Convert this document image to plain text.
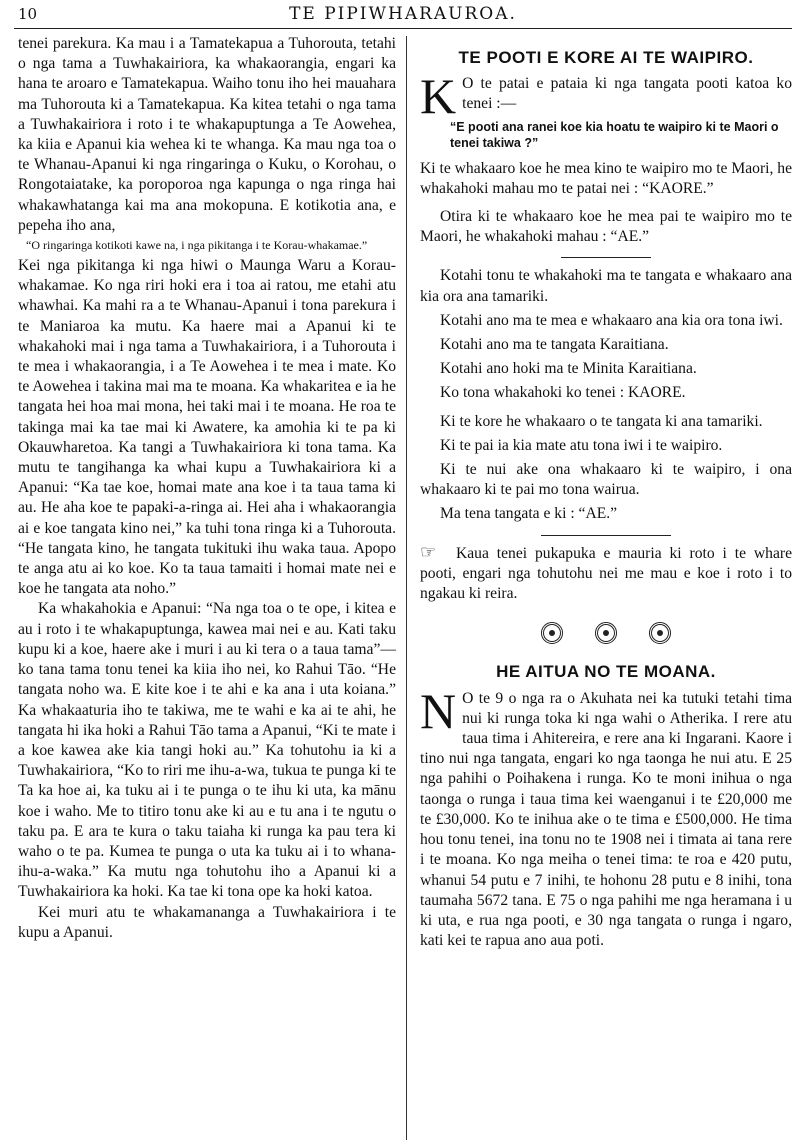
10	TE PIPIWHARAUROA.

tenei parekura. Ka mau i a Tamatekapua a Tuhorouta, tetahi o nga tama a Tuwhakairiora, ka whakaorangia, engari ka hana te aroaro e Tamatekapua. Waiho tonu iho hei mauahara ma Tuhorouta ki a Tamatekapua. Ka kitea tetahi o nga tama a Tuwhakairiora i roto i te whakapuptunga a Te Aowehea, ka kiia e Apanui kia wehea ki te whanga. Ka mau nga toa o te Whanau-Apanui ki nga ringaringa o Kuku, o Korohau, o Rongotaiatake, ka poroporoa nga kapunga o nga ringa hai whakawhatanga kai ma ana mokopuna. E kotikotia ana, e pepeha iho ana,

“O ringaringa kotikoti kawe na, i nga pikitanga i te Korau-whakamae.”

Kei nga pikitanga ki nga hiwi o Maunga Waru a Korau-whakamae. Ko nga riri hoki era i toa ai ratou, me etahi atu whawhai. Ka mahi ra a te Whanau-Apanui i tona parekura i te Maniaroa ka mutu. Ka haere mai a Apanui ki te whakahoki mai i nga tama a Tuwhakairiora, i a Tuhorouta i te mea i whakaorangia, i a Te Aowehea i te mea i mate. Ko te Aowehea i takina mai ma te moana. Ka whakaritea e ia he tangata hei hoa mai mona, hei taki mai i te moana. He roa te takinga mai ka tae mai ki Awatere, ka amohia ki te pa ki Okauwharetoa. Ka tangi a Tuwhakairiora ki tona tama. Ka mutu te tangihanga ka whai kupu a Tuwhakairiora ki a Apanui: “Ka tae koe, homai mate ana koe i ta taua tama ki au. He aha koe te papaki-a-ringa ai. Hei aha i whakaorangia ai e koe tangata kino nei,” ka tuhi tona ringa ki a Tuhorouta. “He tangata kino, he tangata tukituki ihu waka taua. Apopo te anga atu ai ko koe. Ko ta taua tamaiti i homai mate nei e koe he tangata ata noho.”

Ka whakahokia e Apanui: “Na nga toa o te ope, i kitea e au i roto i te whakapuptunga, kawea mai nei e au. Kati taku kupu ki a koe, haere ake i muri i au ki tera o a taua tama”—ko tana tama tonu tenei ka kiia iho nei, ko Rahui Tāo. “He tangata noho wa. E kite koe i te ahi e ka ana i uta koiana.” Ka whakaaturia iho te takiwa, me te wahi e ka ai te ahi, he tangata hi ika hoki a Rahui Tāo tama a Apanui, “Ki te mate i a koe kawea ake kia tangi hoki au.” Ka tohutohu ia ki a Tuwhakairiora, “Ko to riri me ihu-a-wa, tukua te punga ki te Ta ka hoe ai, ka tuku ai i te punga o te ihu ki uta, ka mānu koe i waho. Me to titiro tonu ake ki au e tu ana i te ngutu o taku pa. E ara te kura o taku taiaha ki runga ka pau tera ki waho o te pa. Kumea te punga o uta ka tuku ai i to whana-ihu-a-waka.” Ka mutu nga tohutohu iho a Apanui ki a Tuwhakairiora ka hoki. Ka tae ki tona ope ka hoki katoa.

Kei muri atu te whakamananga a Tuwhakairiora i te kupu a Apanui.

TE POOTI E KORE AI TE WAIPIRO.

K O te patai e pataia ki nga tangata pooti katoa ko tenei :—

“E pooti ana ranei koe kia hoatu te waipiro ki te Maori o tenei takiwa ?”

Ki te whakaaro koe he mea kino te waipiro mo te Maori, he whakahoki mahau mo te patai nei : “KAORE.”

Otira ki te whakaaro koe he mea pai te waipiro mo te Maori, he whakahoki mahau : “AE.”

Kotahi tonu te whakahoki ma te tangata e whakaaro ana kia ora ana tamariki.

Kotahi ano ma te mea e whakaaro ana kia ora tona iwi.

Kotahi ano ma te tangata Karaitiana.

Kotahi ano hoki ma te Minita Karaitiana.

Ko tona whakahoki ko tenei : KAORE.

Ki te kore he whakaaro o te tangata ki ana tamariki.

Ki te pai ia kia mate atu tona iwi i te waipiro.

Ki te nui ake ona whakaaro ki te waipiro, i ona whakaaro ki te pai mo tona wairua.

Ma tena tangata e ki : “AE.”

☞ Kaua tenei pukapuka e mauria ki roto i te whare pooti, engari nga tohutohu nei me mau e koe i roto i to ngakau ki reira.

HE AITUA NO TE MOANA.

N O te 9 o nga ra o Akuhata nei ka tutuki tetahi tima nui ki runga toka ki nga wahi o Atherika. I rere atu taua tima i Ahitereira, e rere ana ki Ingarani. Kaore i tino nui nga tangata, engari ko nga taonga he nui atu. E 25 nga pahihi o Poihakena i runga. Ko te moni inihua o nga taonga o runga i taua tima kei waenganui i te £20,000 me te £30,000. Ko te inihua ake o te tima e £500,000. He tima hou tonu tenei, ina tonu no te 1908 nei i timata ai tana rere i te moana. Ko nga meiha o tenei tima: te roa e 420 putu, whanui 54 putu e 7 inihi, te hohonu 28 putu e 8 inihi, tona taumaha 5672 tana. E 75 o nga pahihi me nga heramana i u ki uta, e rua nga pooti, e 30 nga tangata o runga i ngaro, kati kei te rapua ano aua poti.
